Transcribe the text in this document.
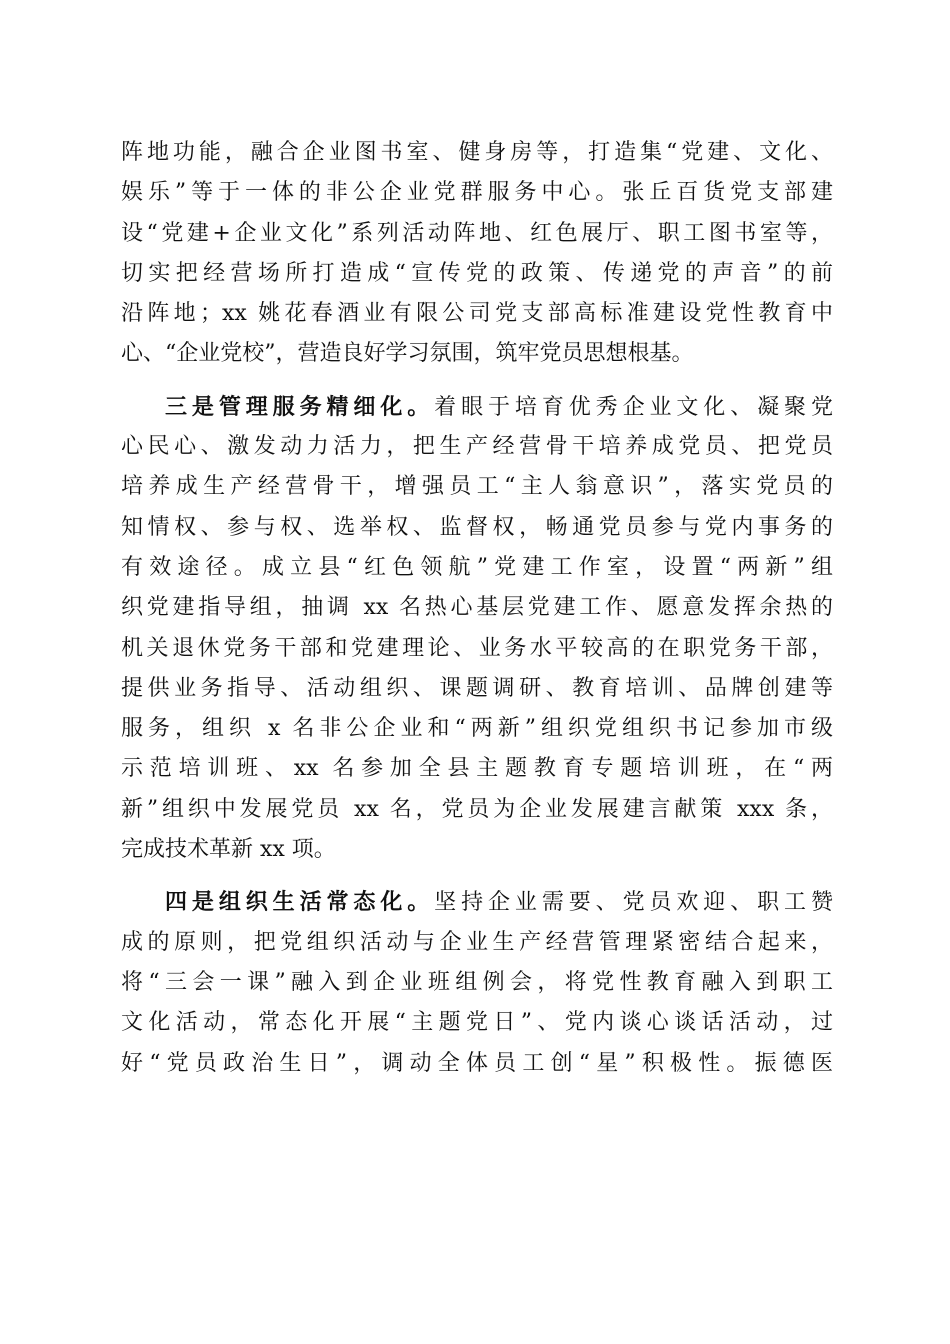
阵地功能，融合企业图书室、健身房等，打造集“党建、文化、
娱乐”等于一体的非公企业党群服务中心。张丘百货党支部建
设“党建+企业文化”系列活动阵地、红色展厅、职工图书室等，
切实把经营场所打造成“宣传党的政策、传递党的声音”的前
沿阵地；xx 姚花春酒业有限公司党支部高标准建设党性教育中
心、“企业党校”，营造良好学习氛围，筑牢党员思想根基。
三是管理服务精细化。着眼于培育优秀企业文化、凝聚党
心民心、激发动力活力，把生产经营骨干培养成党员、把党员
培养成生产经营骨干，增强员工“主人翁意识”，落实党员的
知情权、参与权、选举权、监督权，畅通党员参与党内事务的
有效途径。成立县“红色领航”党建工作室，设置“两新”组
织党建指导组，抽调 xx 名热心基层党建工作、愿意发挥余热的
机关退休党务干部和党建理论、业务水平较高的在职党务干部，
提供业务指导、活动组织、课题调研、教育培训、品牌创建等
服务，组织 x 名非公企业和“两新”组织党组织书记参加市级
示范培训班、xx 名参加全县主题教育专题培训班，在“两
新”组织中发展党员 xx 名，党员为企业发展建言献策 xxx 条，
完成技术革新 xx 项。
四是组织生活常态化。坚持企业需要、党员欢迎、职工赞
成的原则，把党组织活动与企业生产经营管理紧密结合起来，
将“三会一课”融入到企业班组例会，将党性教育融入到职工
文化活动，常态化开展“主题党日”、党内谈心谈话活动，过
好“党员政治生日”，调动全体员工创“星”积极性。振德医
